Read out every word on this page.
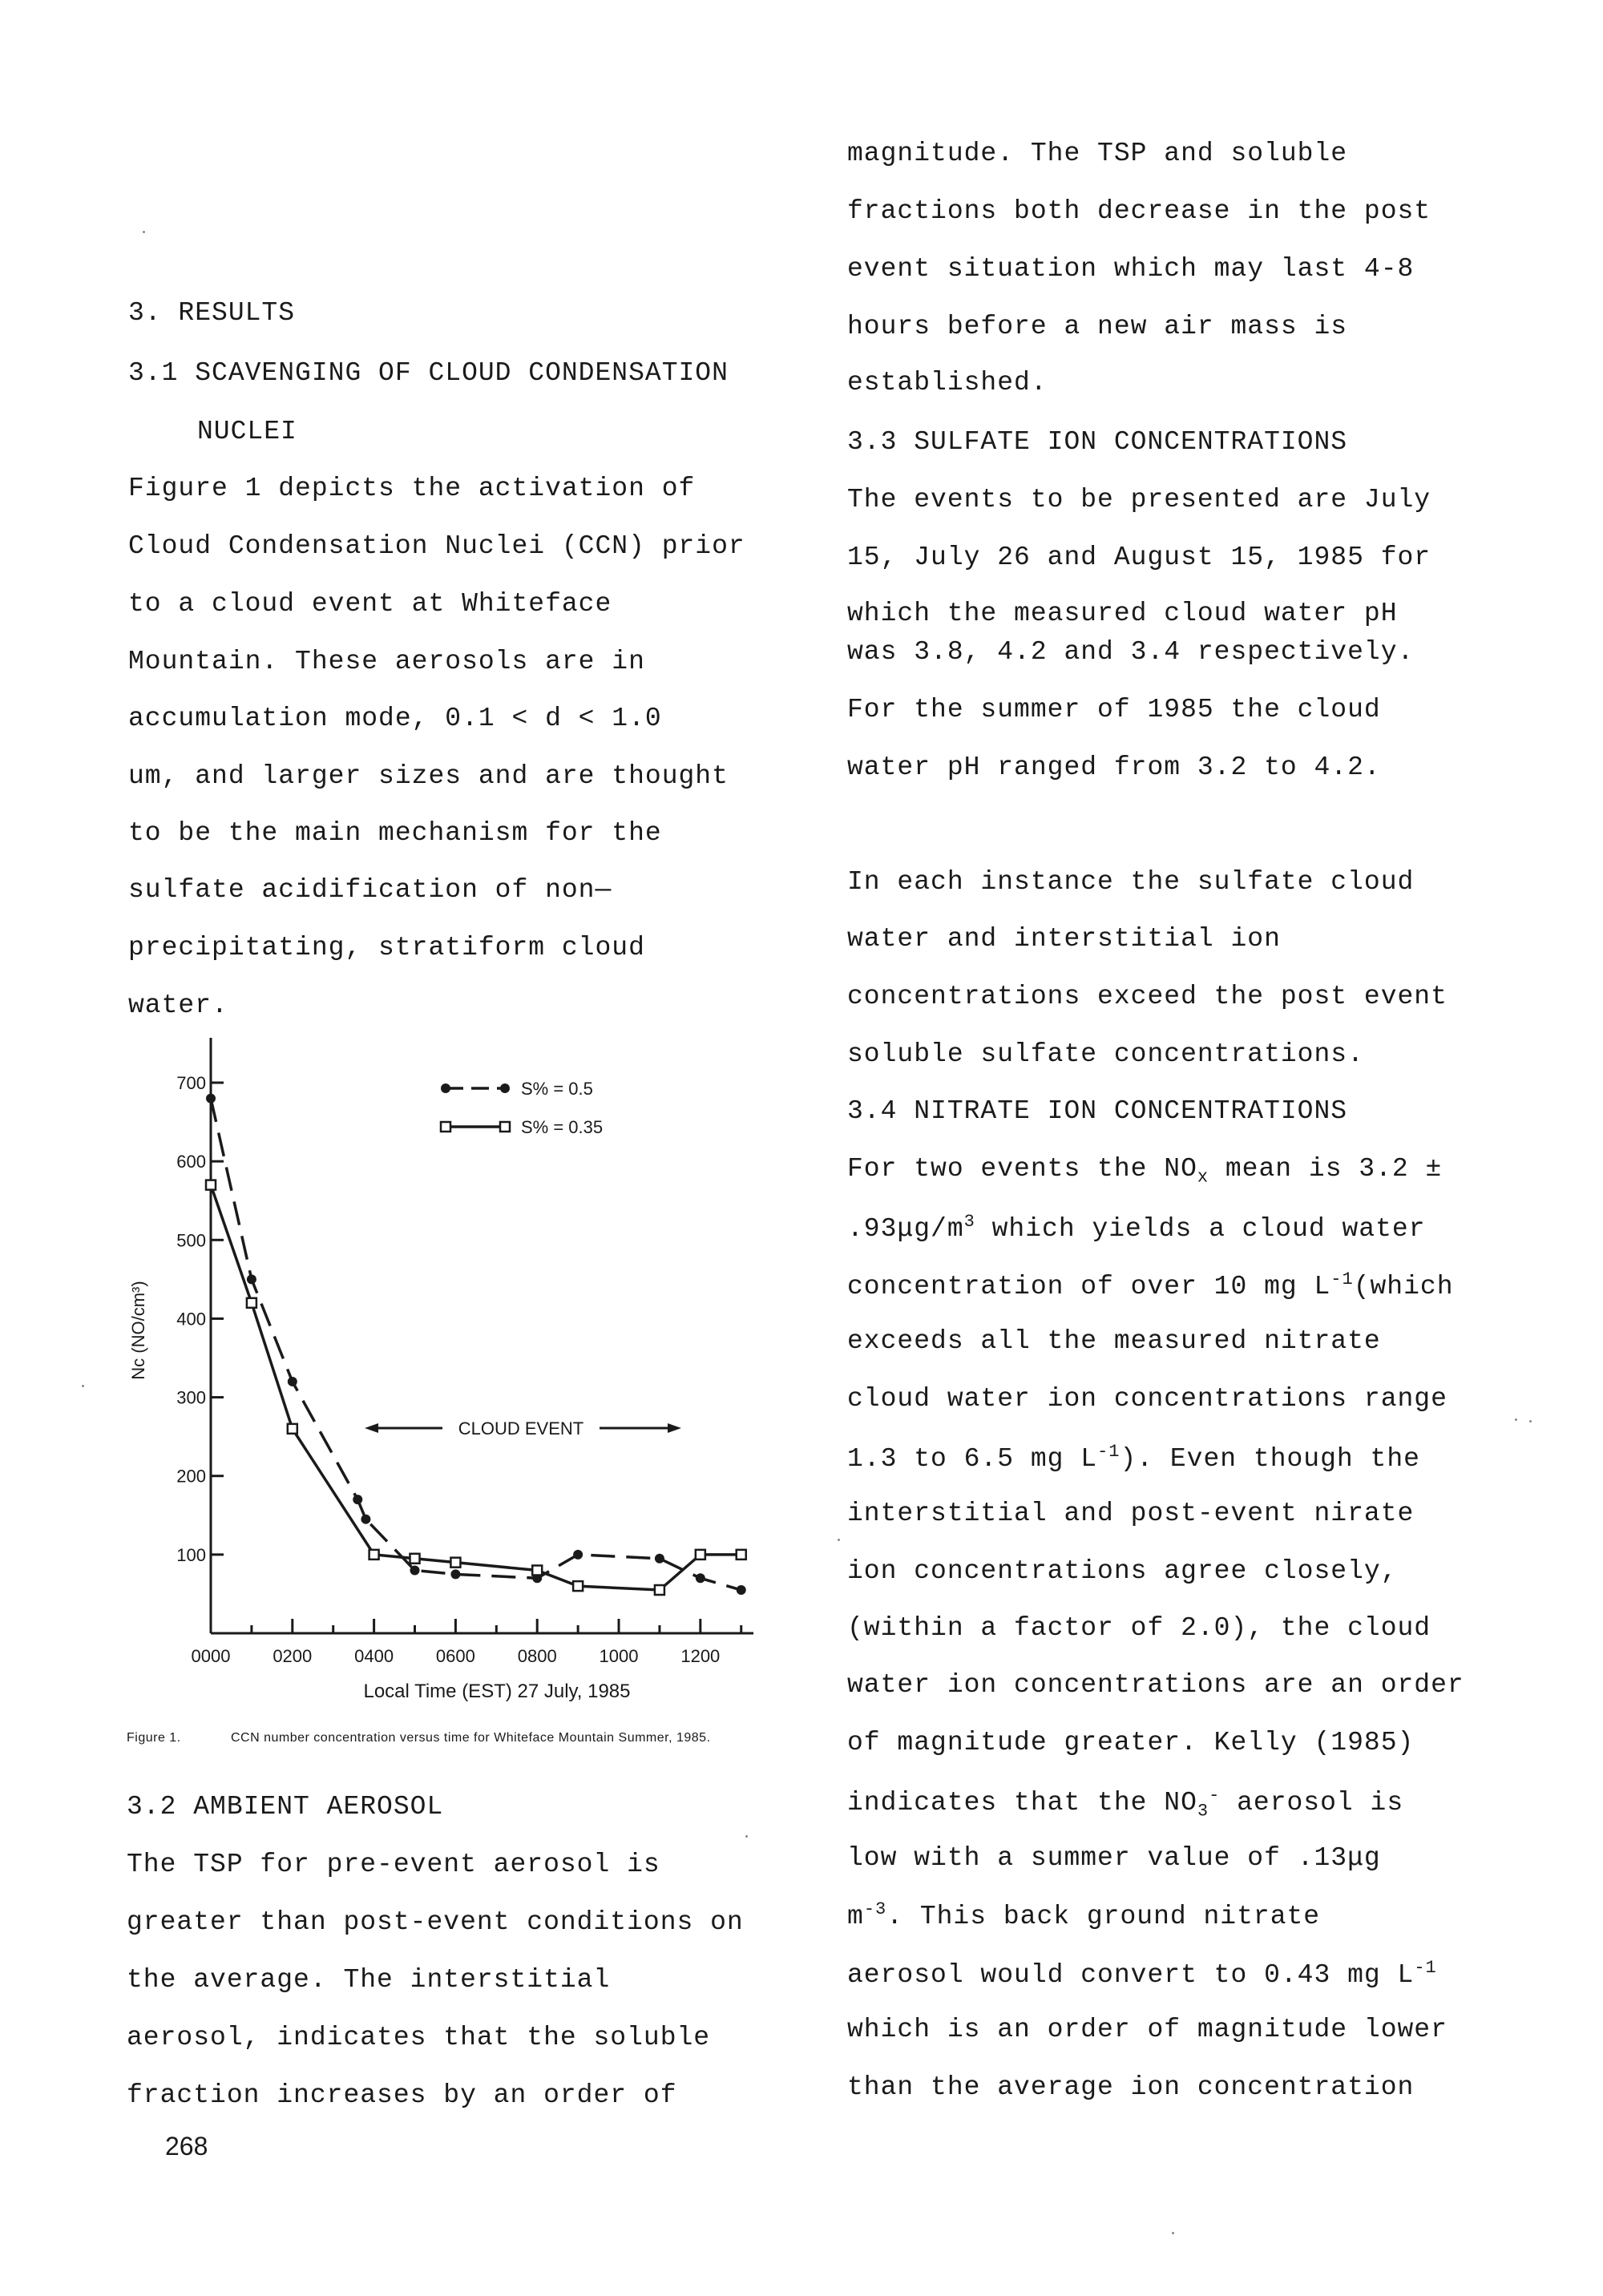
3. RESULTS
3.1 SCAVENGING OF CLOUD CONDENSATION
NUCLEI
Figure 1 depicts the activation of
Cloud Condensation Nuclei (CCN) prior
to a cloud event at Whiteface
Mountain. These aerosols are in
accumulation mode, 0.1 < d < 1.0
um, and larger sizes and are thought
to be the main mechanism for the
sulfate acidification of non—
precipitating, stratiform cloud
water.
3.2 AMBIENT AEROSOL
The TSP for pre-event aerosol is
greater than post-event conditions on
the average. The interstitial
aerosol, indicates that the soluble
fraction increases by an order of
100
200
300
400
500
600
700
0000 0200 0400 0600 0800 1000 1200
Local Time (EST) 27 July, 1985
Nc (NO/cm³)
S% = 0.5
S% = 0.35
CLOUD EVENT
Figure 1.	CCN number concentration versus time for Whiteface Mountain Summer, 1985.
magnitude. The TSP and soluble
fractions both decrease in the post
event situation which may last 4-8
hours before a new air mass is
established.
3.3 SULFATE ION CONCENTRATIONS
The events to be presented are July
15, July 26 and August 15, 1985 for
which the measured cloud water pH
was 3.8, 4.2 and 3.4 respectively.
For the summer of 1985 the cloud
water pH ranged from 3.2 to 4.2.
In each instance the sulfate cloud
water and interstitial ion
concentrations exceed the post event
soluble sulfate concentrations.
3.4 NITRATE ION CONCENTRATIONS
For two events the $NO_x$ mean is 3.2 ±
$.93\mu g/m^3$ which yields a cloud water
concentration of over 10 mg $L^{-1}(which$
exceeds all the measured nitrate
cloud water ion concentrations range
1.3 to 6.5 mg $L^{-1}$). Even though the
interstitial and post-event nirate
ion concentrations agree closely,
(within a factor of 2.0), the cloud
water ion concentrations are an order
of magnitude greater. Kelly (1985)
indicates that the $NO_3^-$ aerosol is
low with a summer value of .13μg
$m^{-3}$. This back ground nitrate
aerosol would convert to 0.43 mg $L^{-1}$
which is an order of magnitude lower
than the average ion concentration
268
